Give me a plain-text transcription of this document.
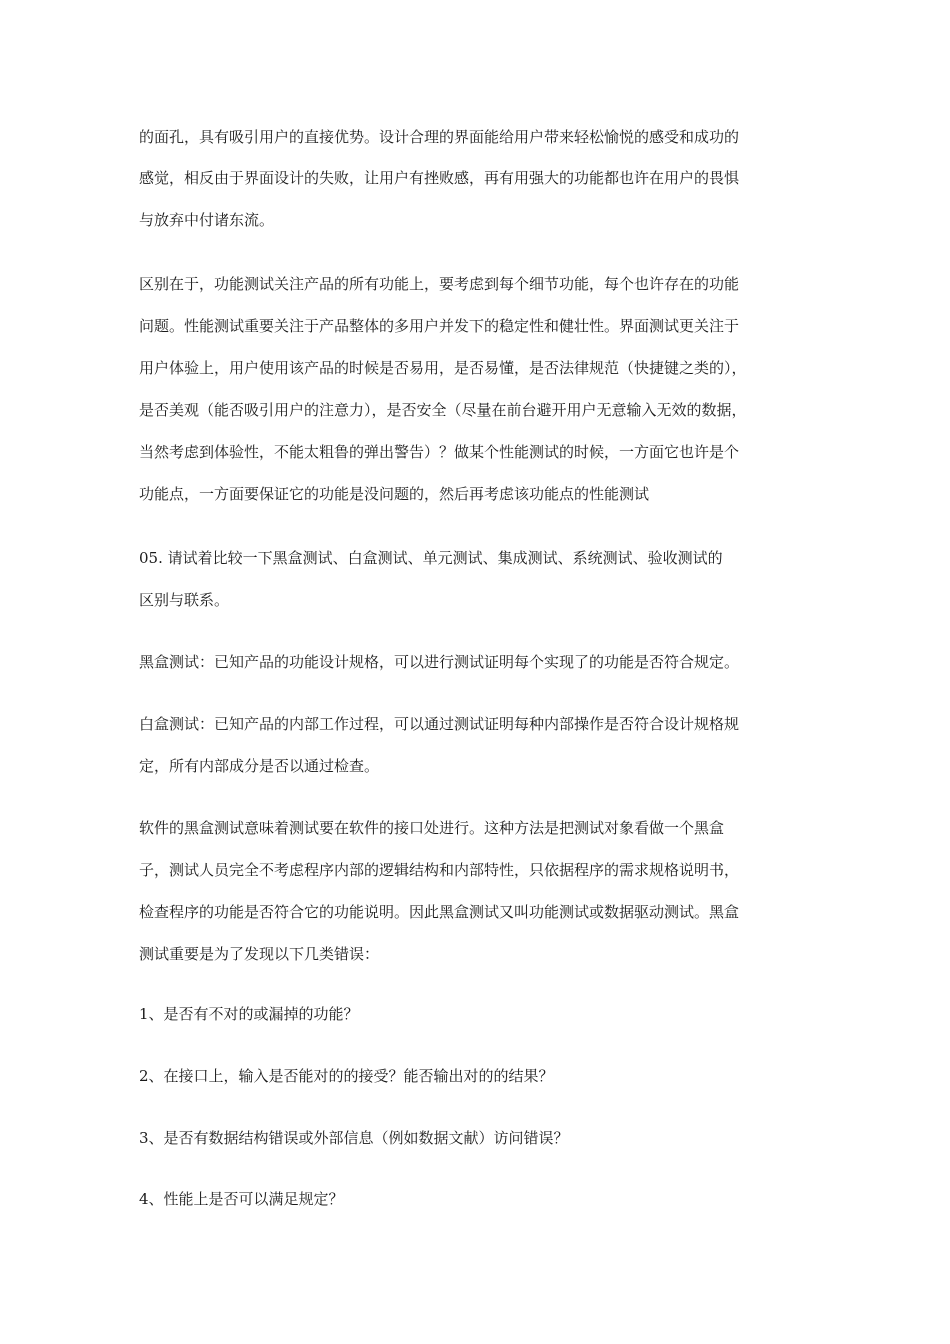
的面孔，具有吸引用户的直接优势。设计合理的界面能给用户带来轻松愉悦的感受和成功的
感觉，相反由于界面设计的失败，让用户有挫败感，再有用强大的功能都也许在用户的畏惧
与放弃中付诸东流。
区别在于，功能测试关注产品的所有功能上，要考虑到每个细节功能，每个也许存在的功能
问题。性能测试重要关注于产品整体的多用户并发下的稳定性和健壮性。界面测试更关注于
用户体验上，用户使用该产品的时候是否易用，是否易懂，是否法律规范（快捷键之类的），
是否美观（能否吸引用户的注意力），是否安全（尽量在前台避开用户无意输入无效的数据，
当然考虑到体验性，不能太粗鲁的弹出警告）？做某个性能测试的时候，一方面它也许是个
功能点，一方面要保证它的功能是没问题的，然后再考虑该功能点的性能测试
05. 请试着比较一下黑盒测试、白盒测试、单元测试、集成测试、系统测试、验收测试的
区别与联系。
黑盒测试：已知产品的功能设计规格，可以进行测试证明每个实现了的功能是否符合规定。
白盒测试：已知产品的内部工作过程，可以通过测试证明每种内部操作是否符合设计规格规
定，所有内部成分是否以通过检查。
软件的黑盒测试意味着测试要在软件的接口处进行。这种方法是把测试对象看做一个黑盒
子，测试人员完全不考虑程序内部的逻辑结构和内部特性，只依据程序的需求规格说明书，
检查程序的功能是否符合它的功能说明。因此黑盒测试又叫功能测试或数据驱动测试。黑盒
测试重要是为了发现以下几类错误：
1、是否有不对的或漏掉的功能？
2、在接口上，输入是否能对的的接受？能否输出对的的结果？
3、是否有数据结构错误或外部信息（例如数据文献）访问错误？
4、性能上是否可以满足规定？
